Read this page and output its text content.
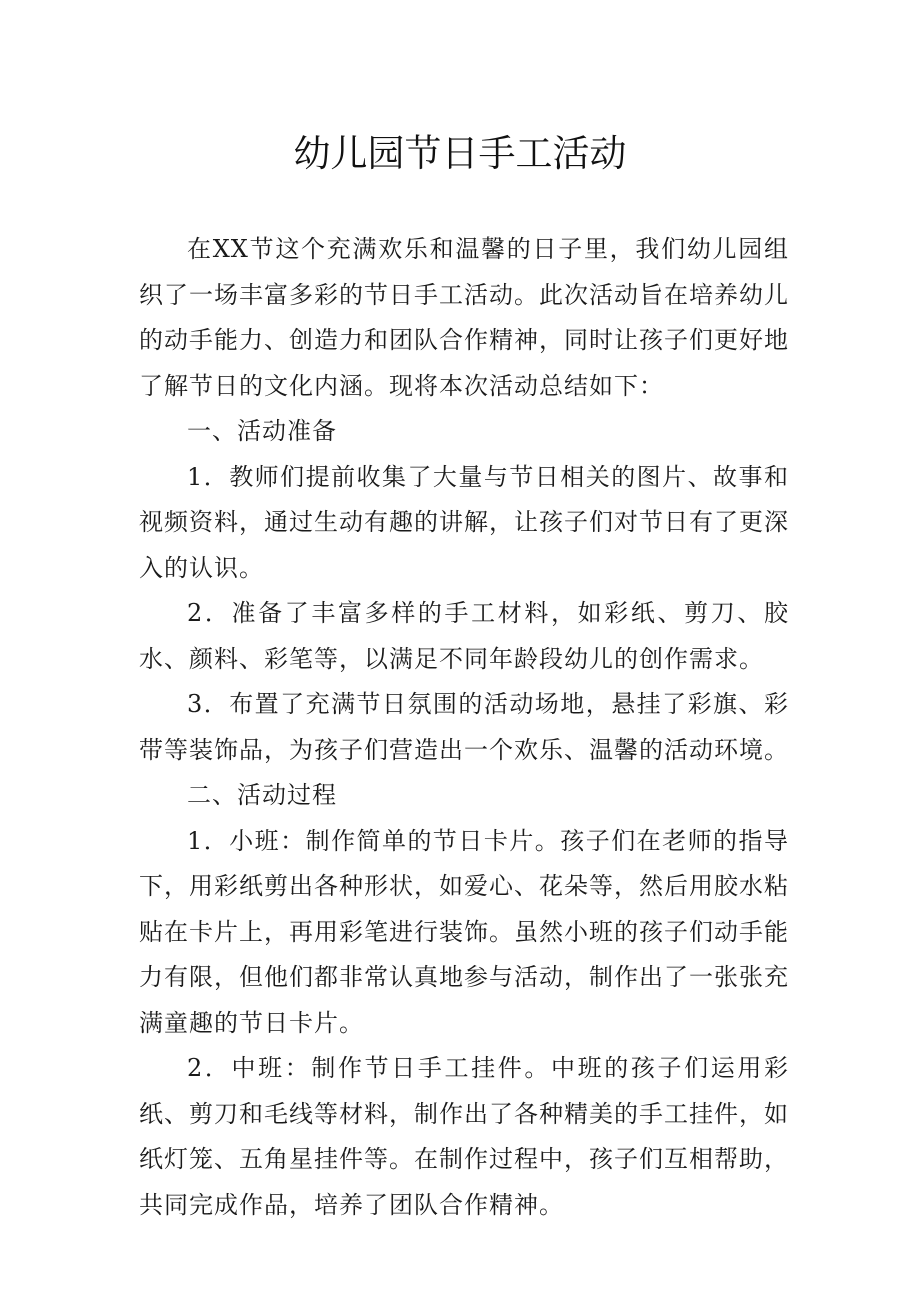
幼儿园节日手工活动

在XX节这个充满欢乐和温馨的日子里，我们幼儿园组织了一场丰富多彩的节日手工活动。此次活动旨在培养幼儿的动手能力、创造力和团队合作精神，同时让孩子们更好地了解节日的文化内涵。现将本次活动总结如下：

一、活动准备

1．教师们提前收集了大量与节日相关的图片、故事和视频资料，通过生动有趣的讲解，让孩子们对节日有了更深入的认识。

2．准备了丰富多样的手工材料，如彩纸、剪刀、胶水、颜料、彩笔等，以满足不同年龄段幼儿的创作需求。

3．布置了充满节日氛围的活动场地，悬挂了彩旗、彩带等装饰品，为孩子们营造出一个欢乐、温馨的活动环境。

二、活动过程

1．小班：制作简单的节日卡片。孩子们在老师的指导下，用彩纸剪出各种形状，如爱心、花朵等，然后用胶水粘贴在卡片上，再用彩笔进行装饰。虽然小班的孩子们动手能力有限，但他们都非常认真地参与活动，制作出了一张张充满童趣的节日卡片。

2．中班：制作节日手工挂件。中班的孩子们运用彩纸、剪刀和毛线等材料，制作出了各种精美的手工挂件，如纸灯笼、五角星挂件等。在制作过程中，孩子们互相帮助，共同完成作品，培养了团队合作精神。
